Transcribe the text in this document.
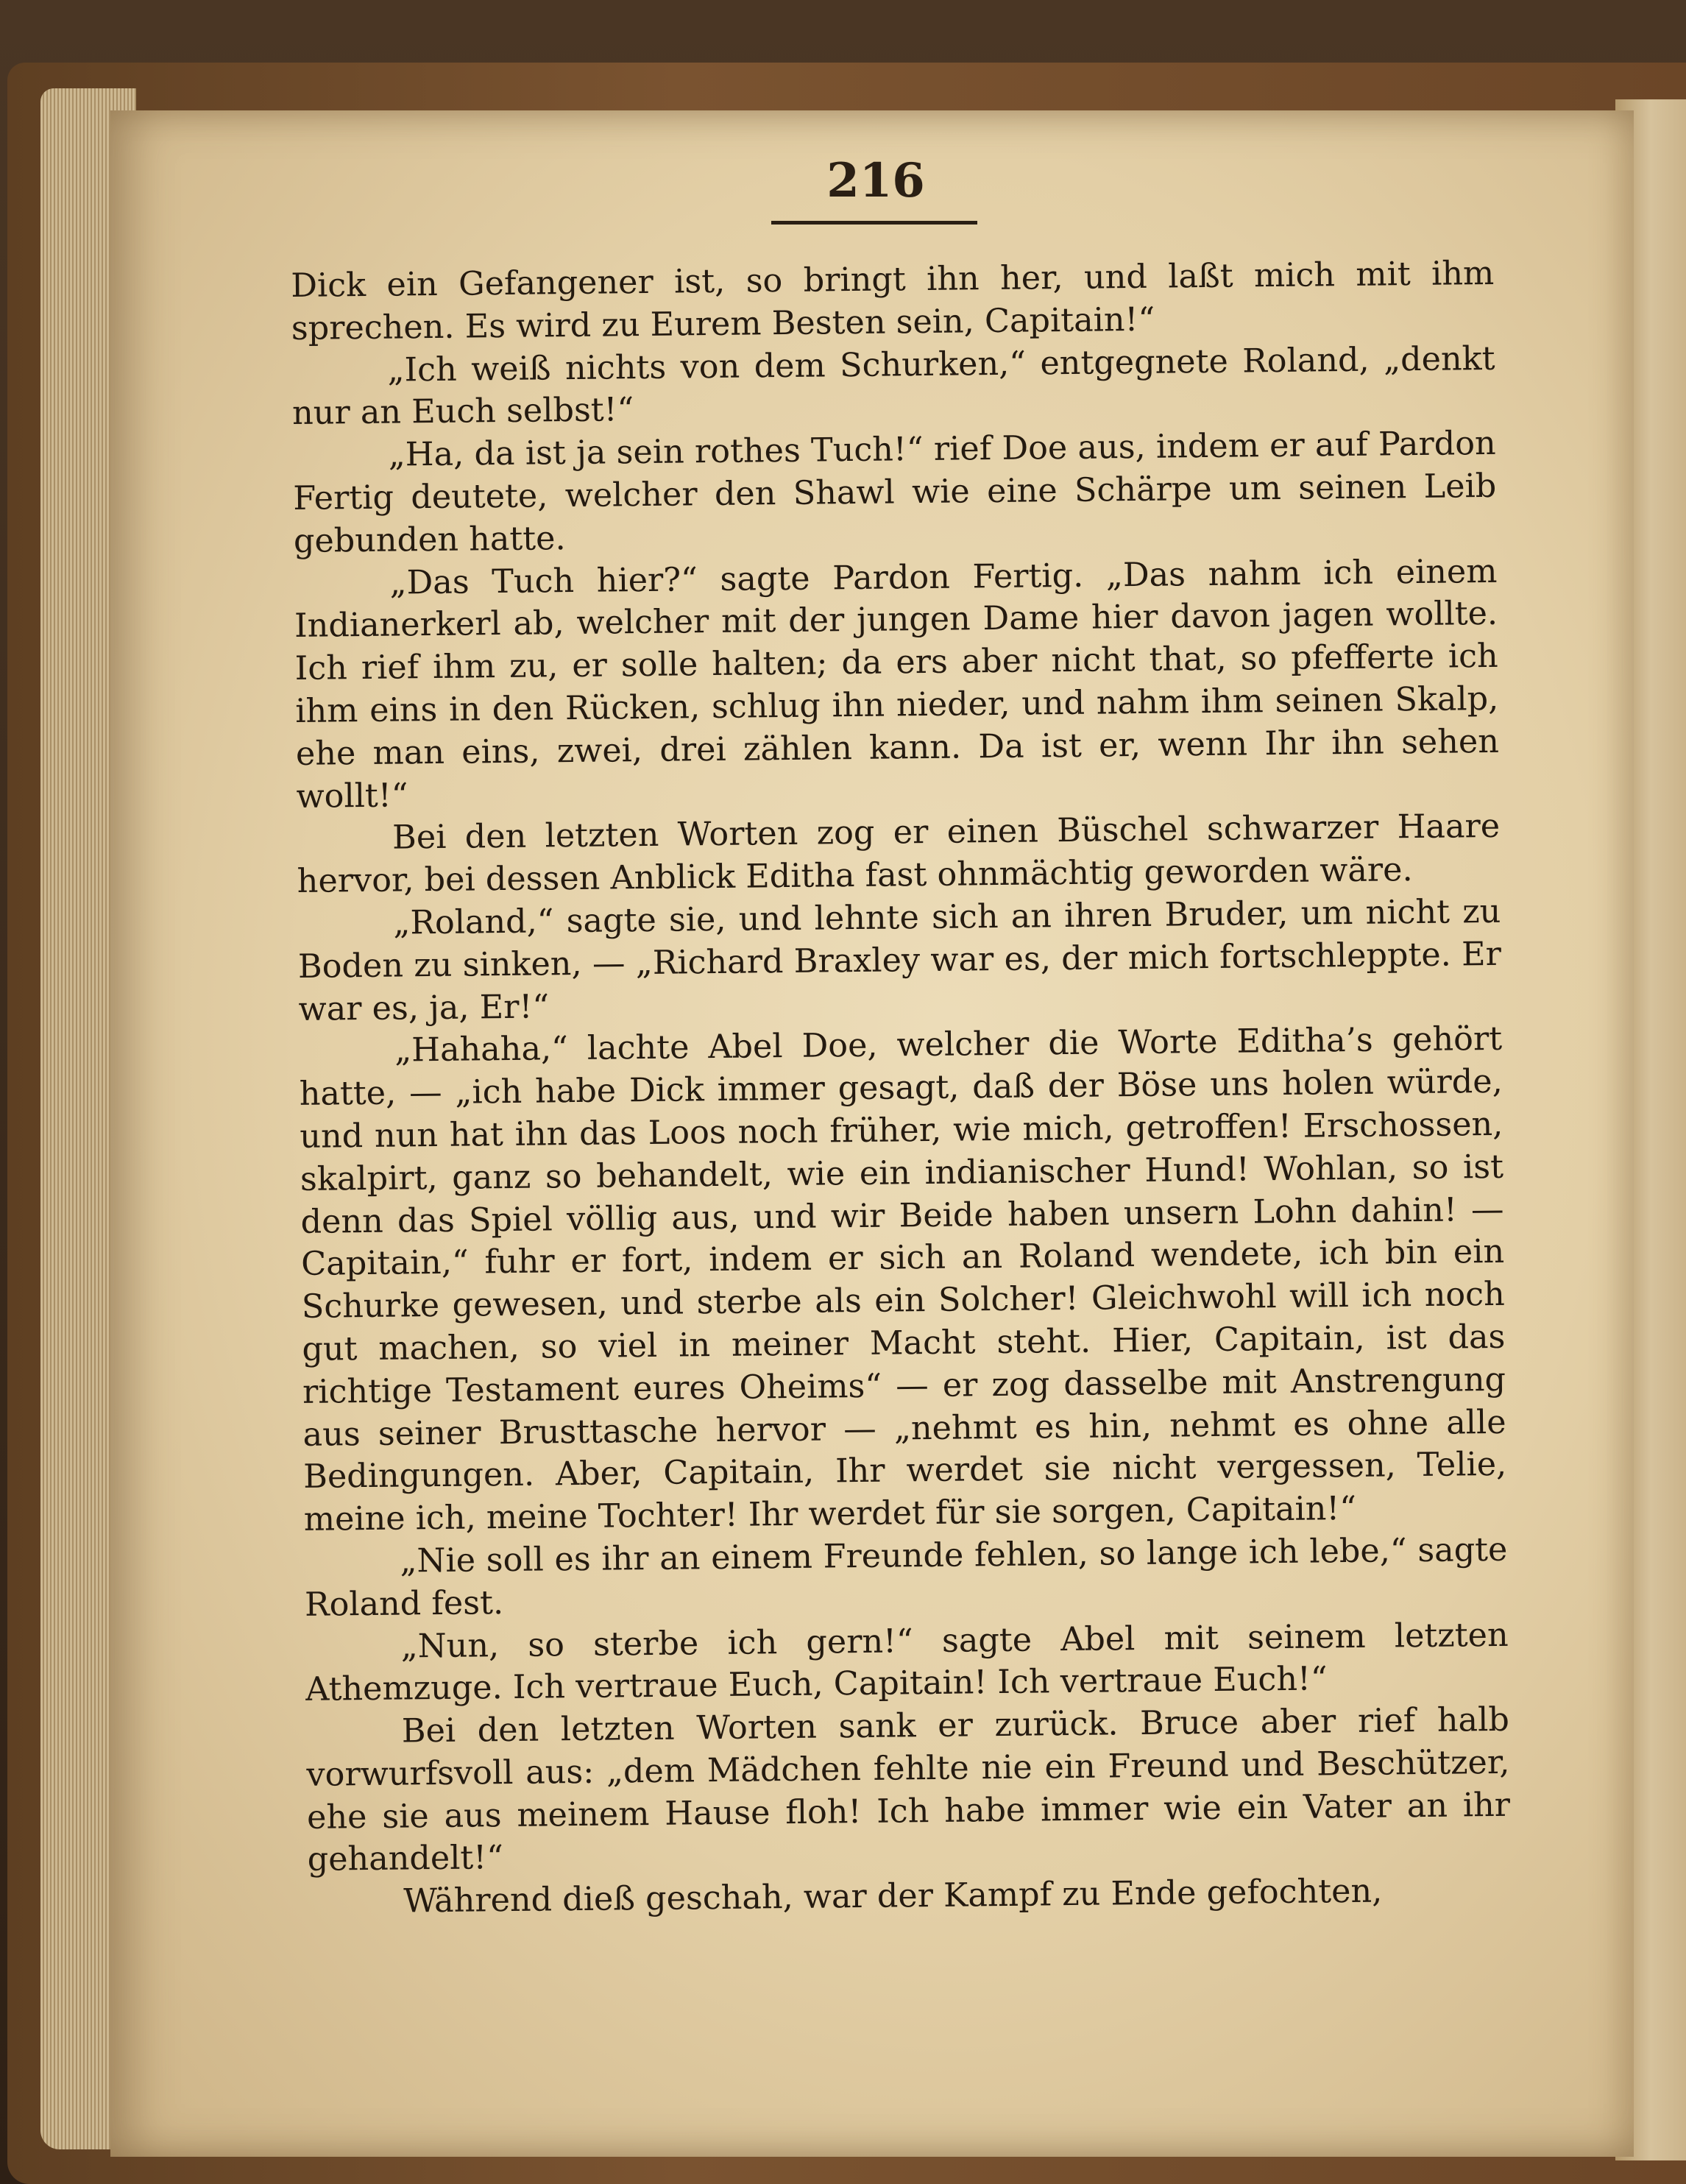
216

Dick ein Gefangener ist, so bringt ihn her, und laßt mich mit ihm sprechen. Es wird zu Eurem Besten sein, Capitain!“

„Ich weiß nichts von dem Schurken,“ entgegnete Roland, „denkt nur an Euch selbst!“

„Ha, da ist ja sein rothes Tuch!“ rief Doe aus, indem er auf Pardon Fertig deutete, welcher den Shawl wie eine Schärpe um seinen Leib gebunden hatte.

„Das Tuch hier?“ sagte Pardon Fertig. „Das nahm ich einem Indianerkerl ab, welcher mit der jungen Dame hier davon jagen wollte. Ich rief ihm zu, er solle halten; da ers aber nicht that, so pfefferte ich ihm eins in den Rücken, schlug ihn nieder, und nahm ihm seinen Skalp, ehe man eins, zwei, drei zählen kann. Da ist er, wenn Ihr ihn sehen wollt!“

Bei den letzten Worten zog er einen Büschel schwarzer Haare hervor, bei dessen Anblick Editha fast ohnmächtig geworden wäre.

„Roland,“ sagte sie, und lehnte sich an ihren Bruder, um nicht zu Boden zu sinken, — „Richard Braxley war es, der mich fortschleppte. Er war es, ja, Er!“

„Hahaha,“ lachte Abel Doe, welcher die Worte Editha’s gehört hatte, — „ich habe Dick immer gesagt, daß der Böse uns holen würde, und nun hat ihn das Loos noch früher, wie mich, getroffen! Erschossen, skalpirt, ganz so behandelt, wie ein indianischer Hund! Wohlan, so ist denn das Spiel völlig aus, und wir Beide haben unsern Lohn dahin! — Capitain,“ fuhr er fort, indem er sich an Roland wendete, ich bin ein Schurke gewesen, und sterbe als ein Solcher! Gleichwohl will ich noch gut machen, so viel in meiner Macht steht. Hier, Capitain, ist das richtige Testament eures Oheims“ — er zog dasselbe mit Anstrengung aus seiner Brusttasche hervor — „nehmt es hin, nehmt es ohne alle Bedingungen. Aber, Capitain, Ihr werdet sie nicht vergessen, Telie, meine ich, meine Tochter! Ihr werdet für sie sorgen, Capitain!“

„Nie soll es ihr an einem Freunde fehlen, so lange ich lebe,“ sagte Roland fest.

„Nun, so sterbe ich gern!“ sagte Abel mit seinem letzten Athemzuge. Ich vertraue Euch, Capitain! Ich vertraue Euch!“

Bei den letzten Worten sank er zurück. Bruce aber rief halb vorwurfsvoll aus: „dem Mädchen fehlte nie ein Freund und Beschützer, ehe sie aus meinem Hause floh! Ich habe immer wie ein Vater an ihr gehandelt!“

Während dieß geschah, war der Kampf zu Ende gefochten,
